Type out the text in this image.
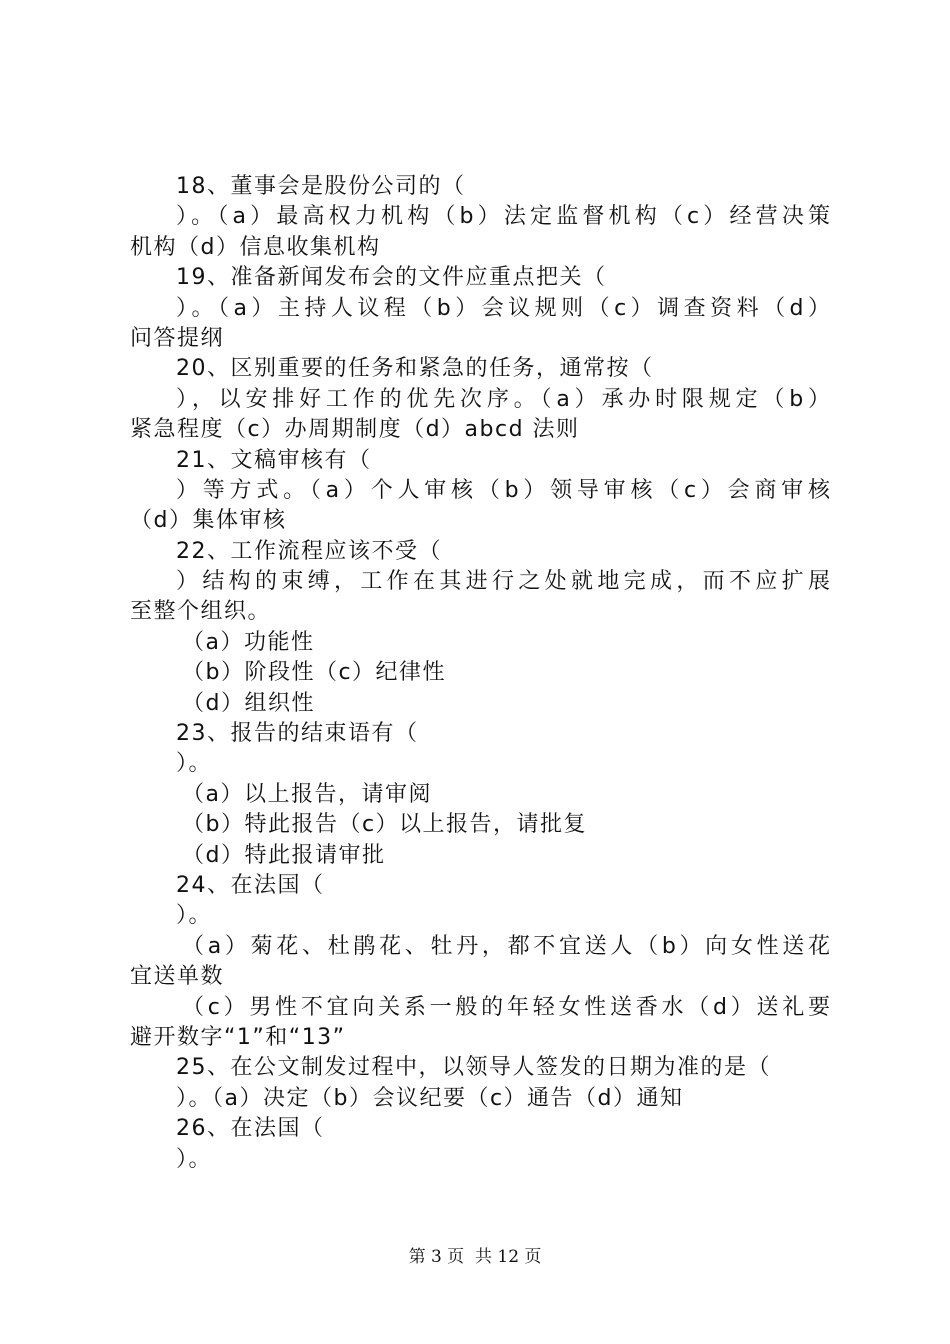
18、董事会是股份公司的（
）。（a）最高权力机构（b）法定监督机构（c）经营决策
机构（d）信息收集机构
19、准备新闻发布会的文件应重点把关（
）。（a）主持人议程（b）会议规则（c）调查资料（d）
问答提纲
20、区别重要的任务和紧急的任务，通常按（
），以安排好工作的优先次序。（a）承办时限规定（b）
紧急程度（c）办周期制度（d）abcd 法则
21、文稿审核有（
）等方式。（a）个人审核（b）领导审核（c）会商审核
（d）集体审核
22、工作流程应该不受（
）结构的束缚，工作在其进行之处就地完成，而不应扩展
至整个组织。
（a）功能性
（b）阶段性（c）纪律性
（d）组织性
23、报告的结束语有（
）。
（a）以上报告，请审阅
（b）特此报告（c）以上报告，请批复
（d）特此报请审批
24、在法国（
）。
（a）菊花、杜鹃花、牡丹，都不宜送人（b）向女性送花
宜送单数
（c）男性不宜向关系一般的年轻女性送香水（d）送礼要
避开数字“1”和“13”
25、在公文制发过程中，以领导人签发的日期为准的是（
）。（a）决定（b）会议纪要（c）通告（d）通知
26、在法国（
）。
第 3 页  共 12 页
